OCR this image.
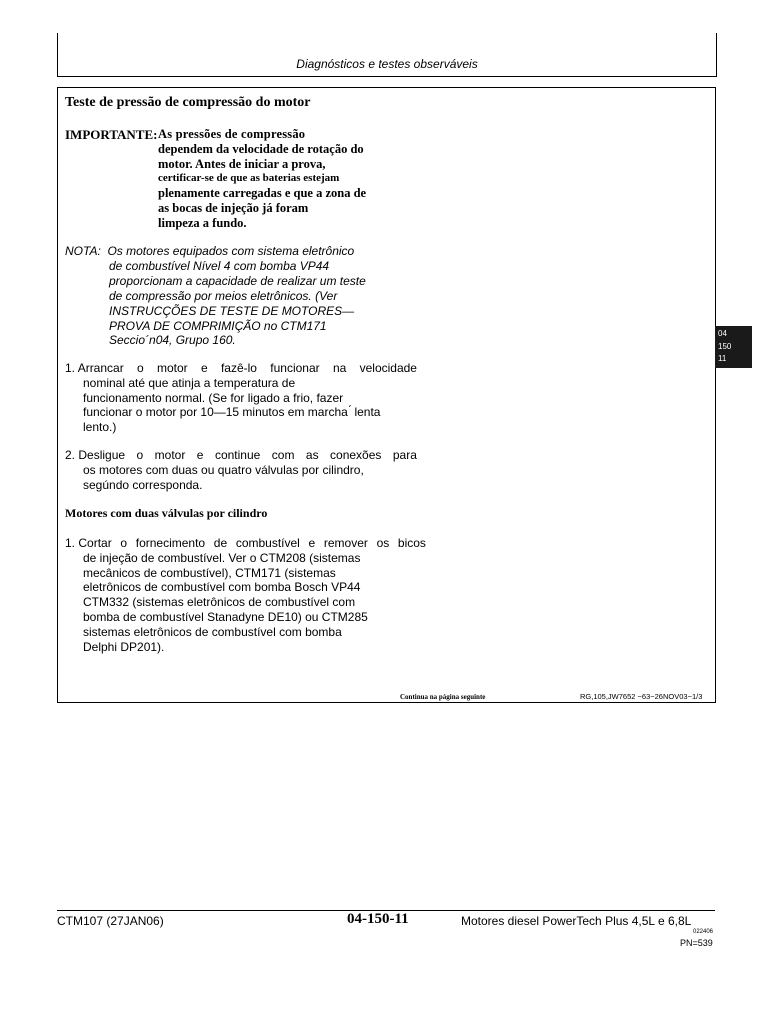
Diagnósticos e testes observáveis
Teste de pressão de compressão do motor
IMPORTANTE: As pressões de compressão
dependem da velocidade de rotação do
motor. Antes de iniciar a prova,
certificar-se de que as baterias estejam
plenamente carregadas e que a zona de
as bocas de injeção já foram
limpeza a fundo.
NOTA: Os motores equipados com sistema eletrônico
de combustível Nível 4 com bomba VP44
proporcionam a capacidade de realizar um teste
de compressão por meios eletrônicos. (Ver
INSTRUCÇÕES DE TESTE DE MOTORES—
PROVA DE COMPRIMIÇÃO no CTM171
Seccio´n04, Grupo 160.
1. Arrancar o motor e fazê-lo funcionar na velocidade
nominal até que atinja a temperatura de
funcionamento normal. (Se for ligado a frio, fazer
funcionar o motor por 10—15 minutos em marcha ́ lenta
lento.)
2. Desligue o motor e continue com as conexões para
os motores com duas ou quatro válvulas por cilindro,
segúndo corresponda.
Motores com duas válvulas por cilindro
1. Cortar o fornecimento de combustível e remover os bicos
de injeção de combustível. Ver o CTM208 (sistemas
mecânicos de combustível), CTM171 (sistemas
eletrônicos de combustível com bomba Bosch VP44
CTM332 (sistemas eletrônicos de combustível com
bomba de combustível Stanadyne DE10) ou CTM285
sistemas eletrônicos de combustível com bomba
Delphi DP201).
Continua na página seguinte	RG,105,JW7652 −63−26NOV03−1/3
04
150
11
CTM107 (27JAN06)	04-150-11	Motores diesel PowerTech Plus 4,5L e 6,8L
022406
PN=539
